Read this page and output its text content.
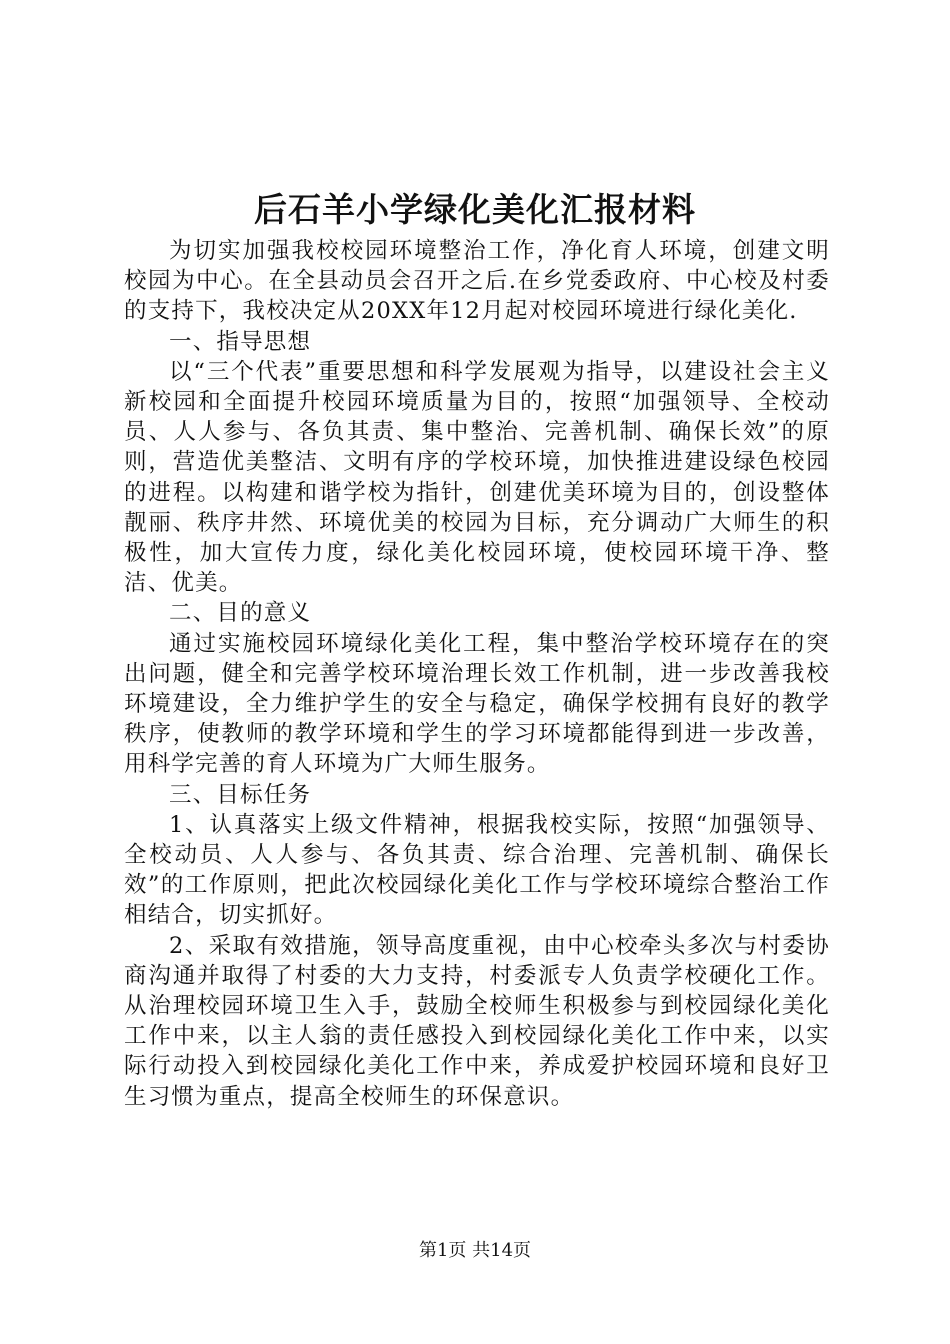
后石羊小学绿化美化汇报材料

为切实加强我校校园环境整治工作，净化育人环境，创建文明校园为中心。在全县动员会召开之后.在乡党委政府、中心校及村委的支持下，我校决定从20XX年12月起对校园环境进行绿化美化.

一、指导思想

以“三个代表”重要思想和科学发展观为指导，以建设社会主义新校园和全面提升校园环境质量为目的，按照“加强领导、全校动员、人人参与、各负其责、集中整治、完善机制、确保长效”的原则，营造优美整洁、文明有序的学校环境，加快推进建设绿色校园的进程。以构建和谐学校为指针，创建优美环境为目的，创设整体靓丽、秩序井然、环境优美的校园为目标，充分调动广大师生的积极性，加大宣传力度，绿化美化校园环境，使校园环境干净、整洁、优美。

二、目的意义

通过实施校园环境绿化美化工程，集中整治学校环境存在的突出问题，健全和完善学校环境治理长效工作机制，进一步改善我校环境建设，全力维护学生的安全与稳定，确保学校拥有良好的教学秩序，使教师的教学环境和学生的学习环境都能得到进一步改善，用科学完善的育人环境为广大师生服务。

三、目标任务

1、认真落实上级文件精神，根据我校实际，按照“加强领导、全校动员、人人参与、各负其责、综合治理、完善机制、确保长效”的工作原则，把此次校园绿化美化工作与学校环境综合整治工作相结合，切实抓好。

2、采取有效措施，领导高度重视，由中心校牵头多次与村委协商沟通并取得了村委的大力支持，村委派专人负责学校硬化工作。从治理校园环境卫生入手，鼓励全校师生积极参与到校园绿化美化工作中来，以主人翁的责任感投入到校园绿化美化工作中来，以实际行动投入到校园绿化美化工作中来，养成爱护校园环境和良好卫生习惯为重点，提高全校师生的环保意识。

第1页 共14页
